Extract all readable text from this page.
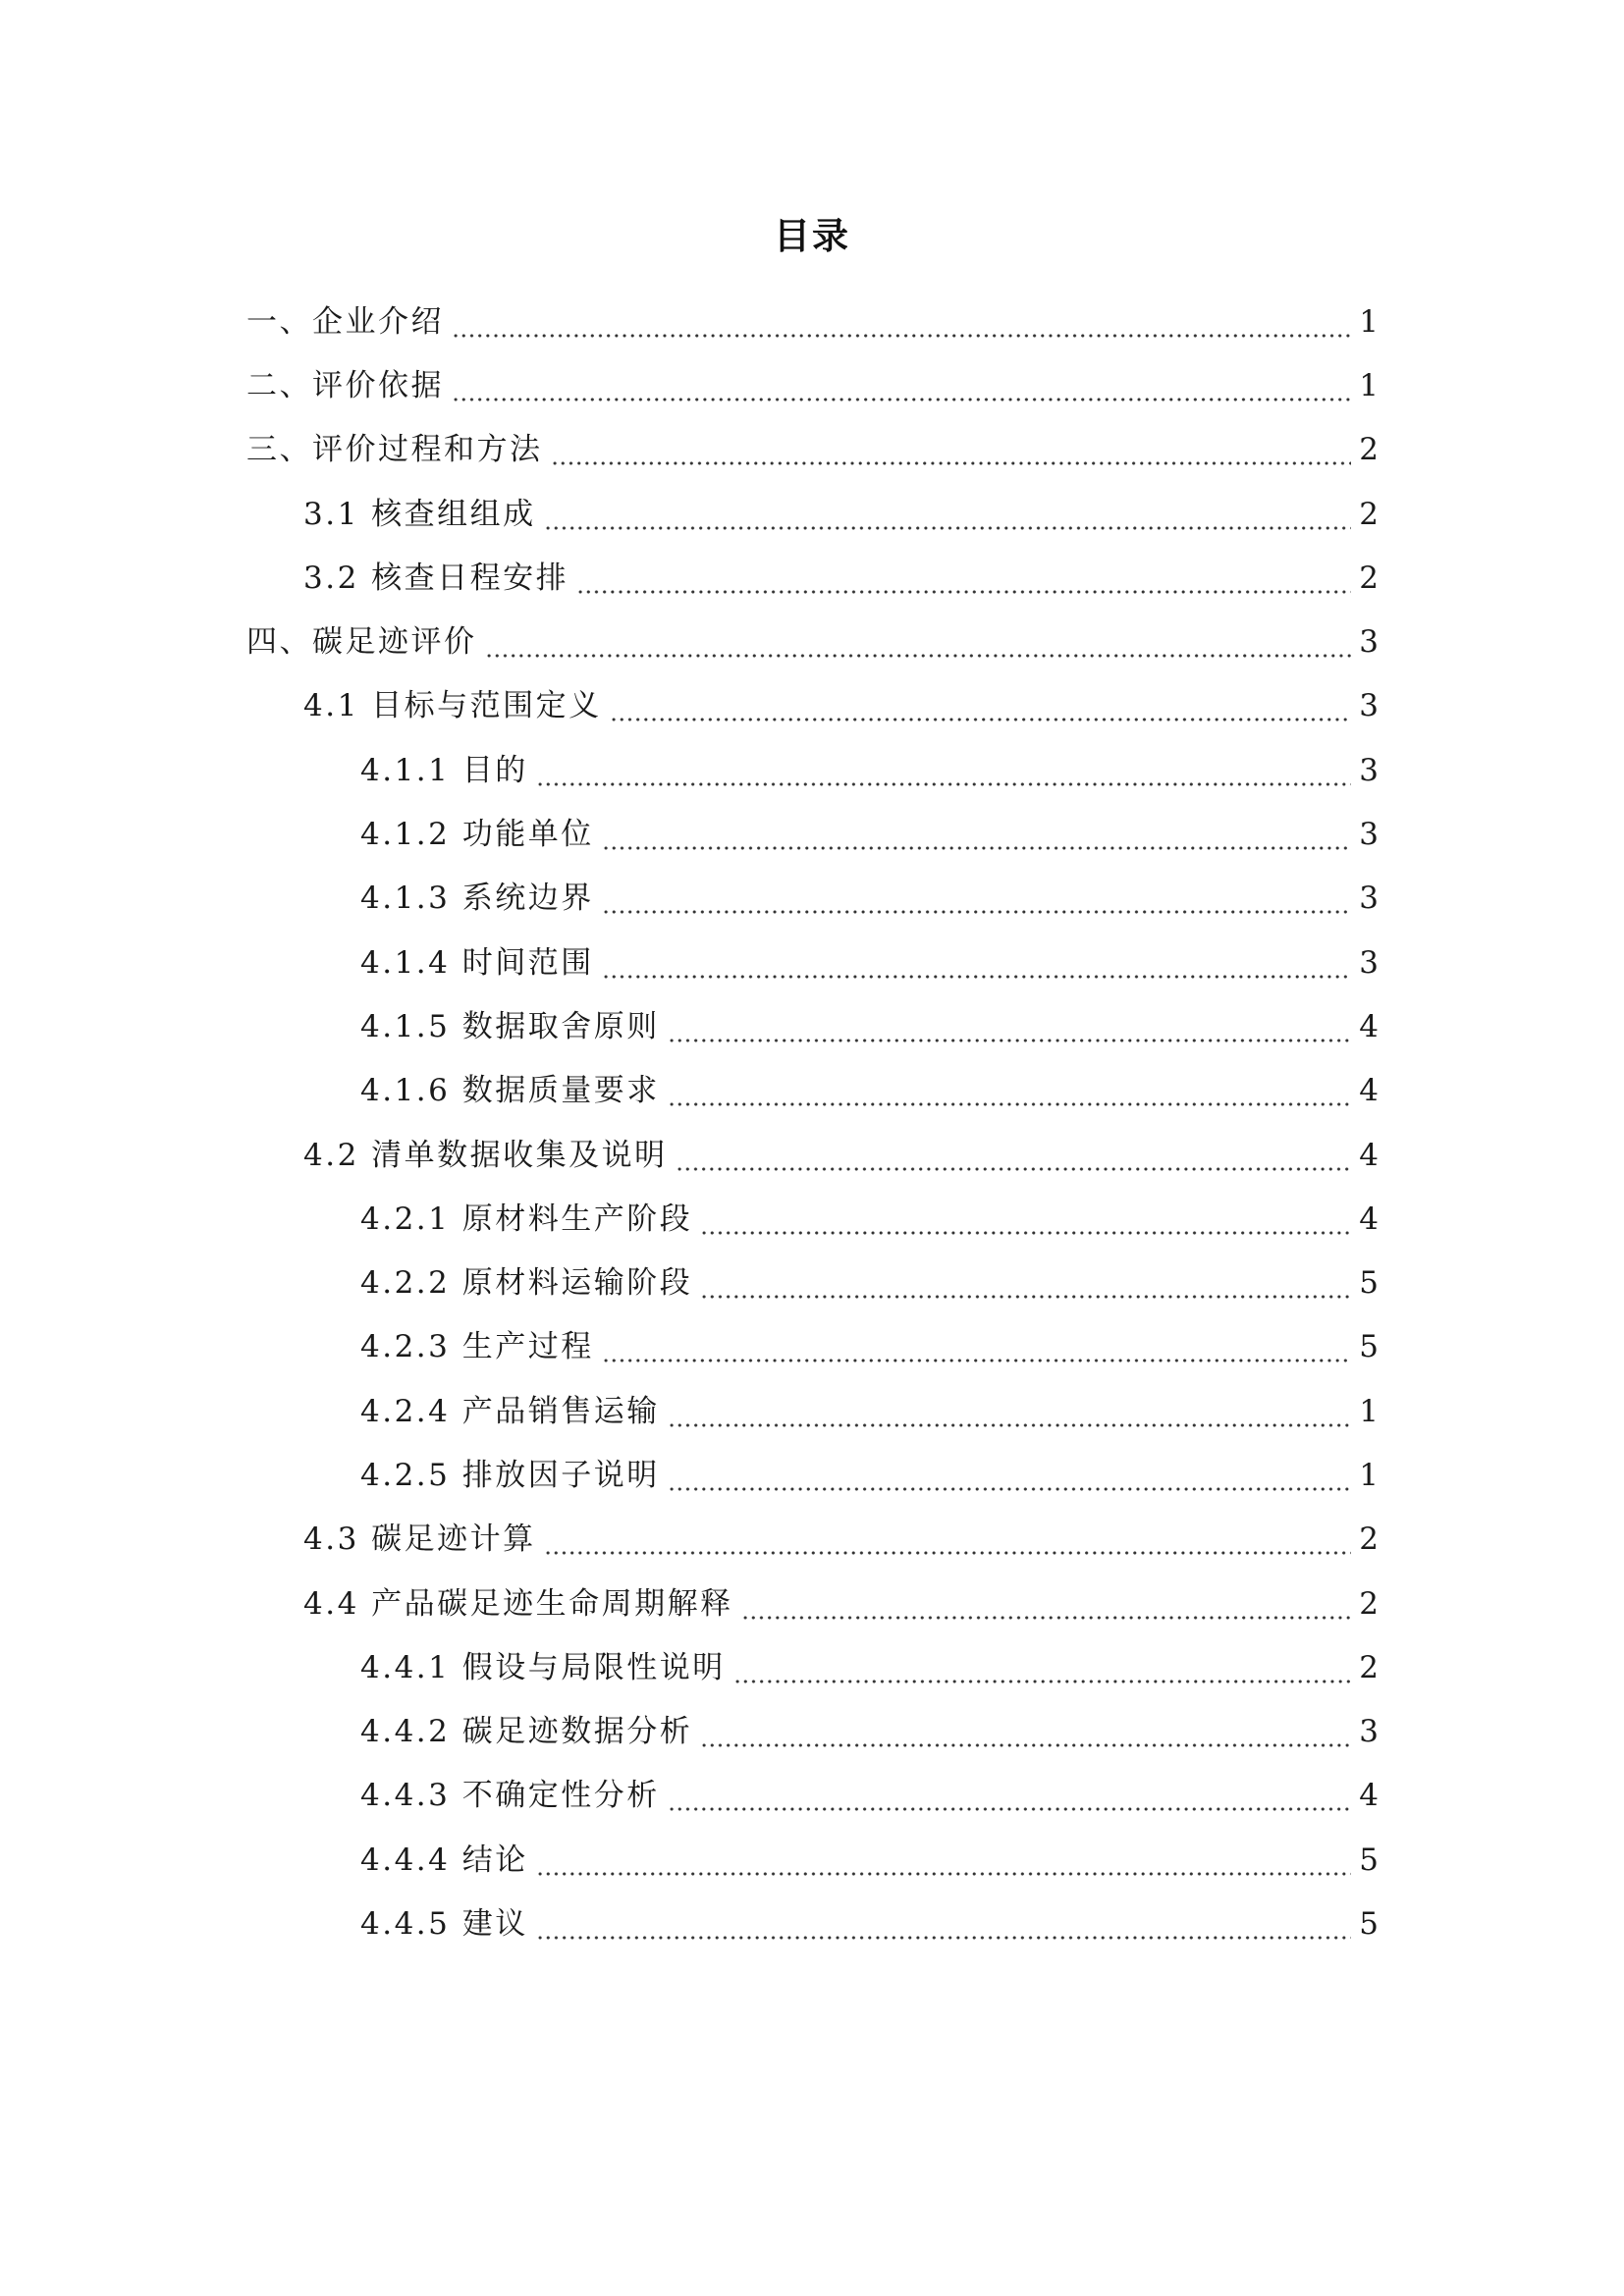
目录
一、企业介绍	1
二、评价依据	1
三、评价过程和方法	2
3.1 核查组组成	2
3.2 核查日程安排	2
四、碳足迹评价	3
4.1 目标与范围定义	3
4.1.1 目的	3
4.1.2 功能单位	3
4.1.3 系统边界	3
4.1.4 时间范围	3
4.1.5 数据取舍原则	4
4.1.6 数据质量要求	4
4.2 清单数据收集及说明	4
4.2.1 原材料生产阶段	4
4.2.2 原材料运输阶段	5
4.2.3 生产过程	5
4.2.4 产品销售运输	1
4.2.5 排放因子说明	1
4.3 碳足迹计算	2
4.4 产品碳足迹生命周期解释	2
4.4.1 假设与局限性说明	2
4.4.2 碳足迹数据分析	3
4.4.3 不确定性分析	4
4.4.4 结论	5
4.4.5 建议	5
